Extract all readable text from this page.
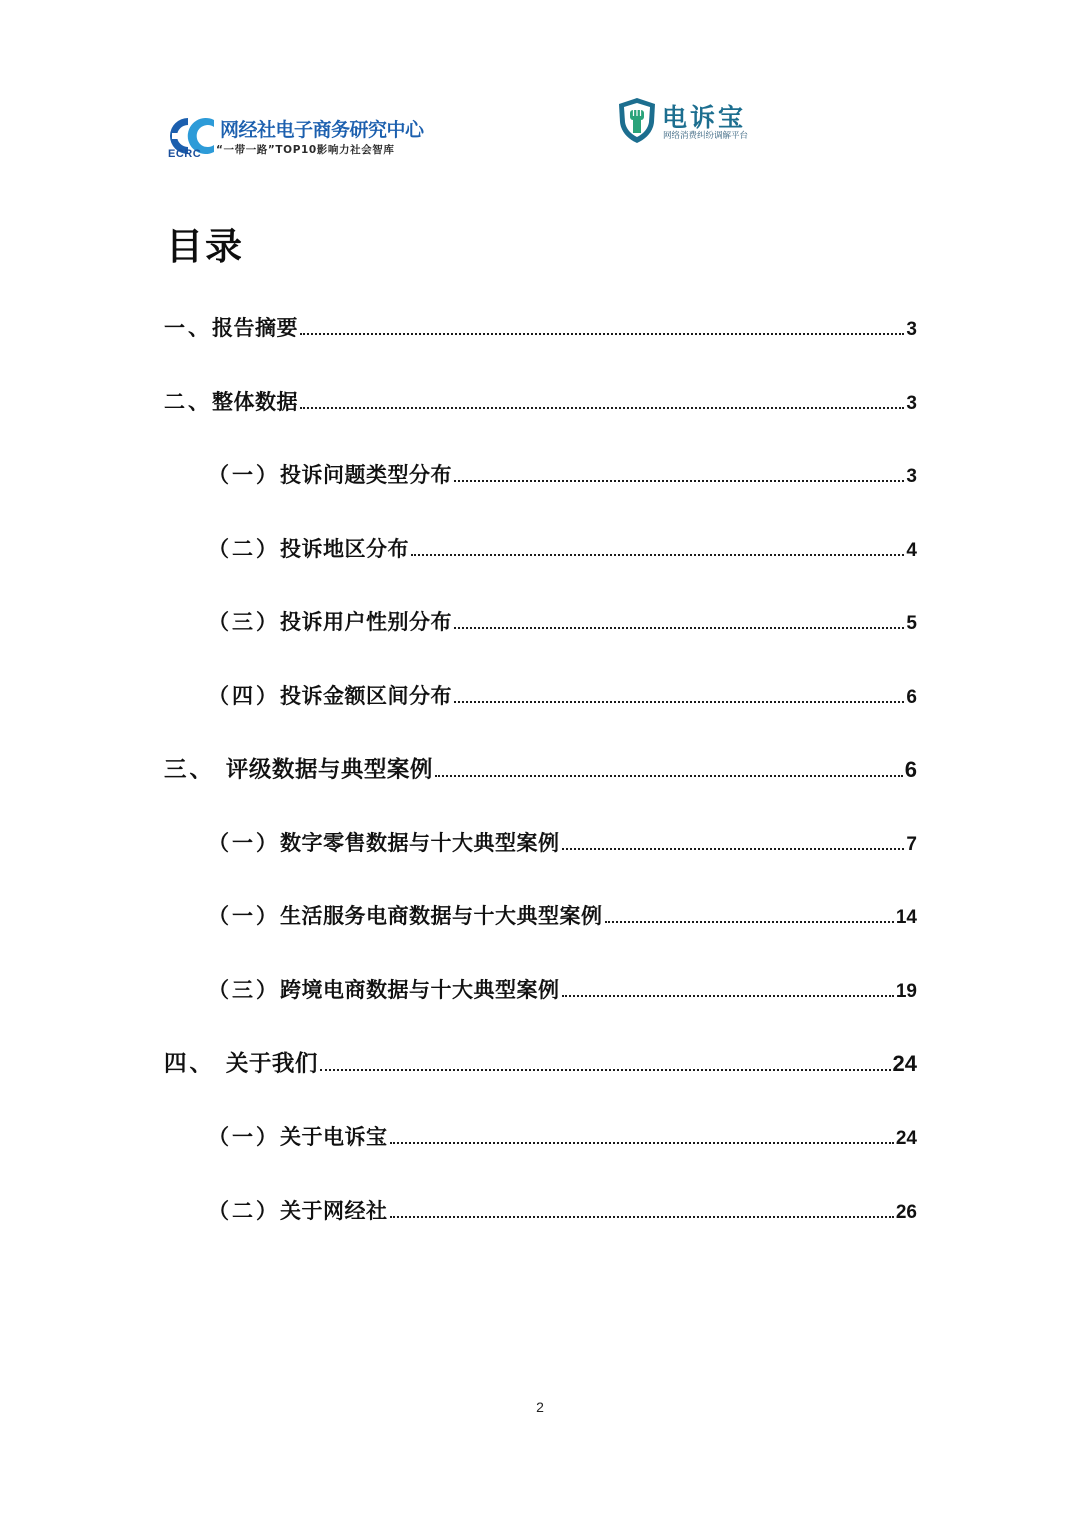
ECRC
网经社电子商务研究中心
“一带一路”TOP10影响力社会智库
电诉宝
网络消费纠纷调解平台
目录
一、报告摘要	3
二、整体数据	3
（一）投诉问题类型分布	3
（二）投诉地区分布	4
（三）投诉用户性别分布	5
（四）投诉金额区间分布	6
三、 评级数据与典型案例	6
（一）数字零售数据与十大典型案例	7
（一）生活服务电商数据与十大典型案例	14
（三）跨境电商数据与十大典型案例	19
四、 关于我们	24
（一）关于电诉宝	24
（二）关于网经社	26
2
